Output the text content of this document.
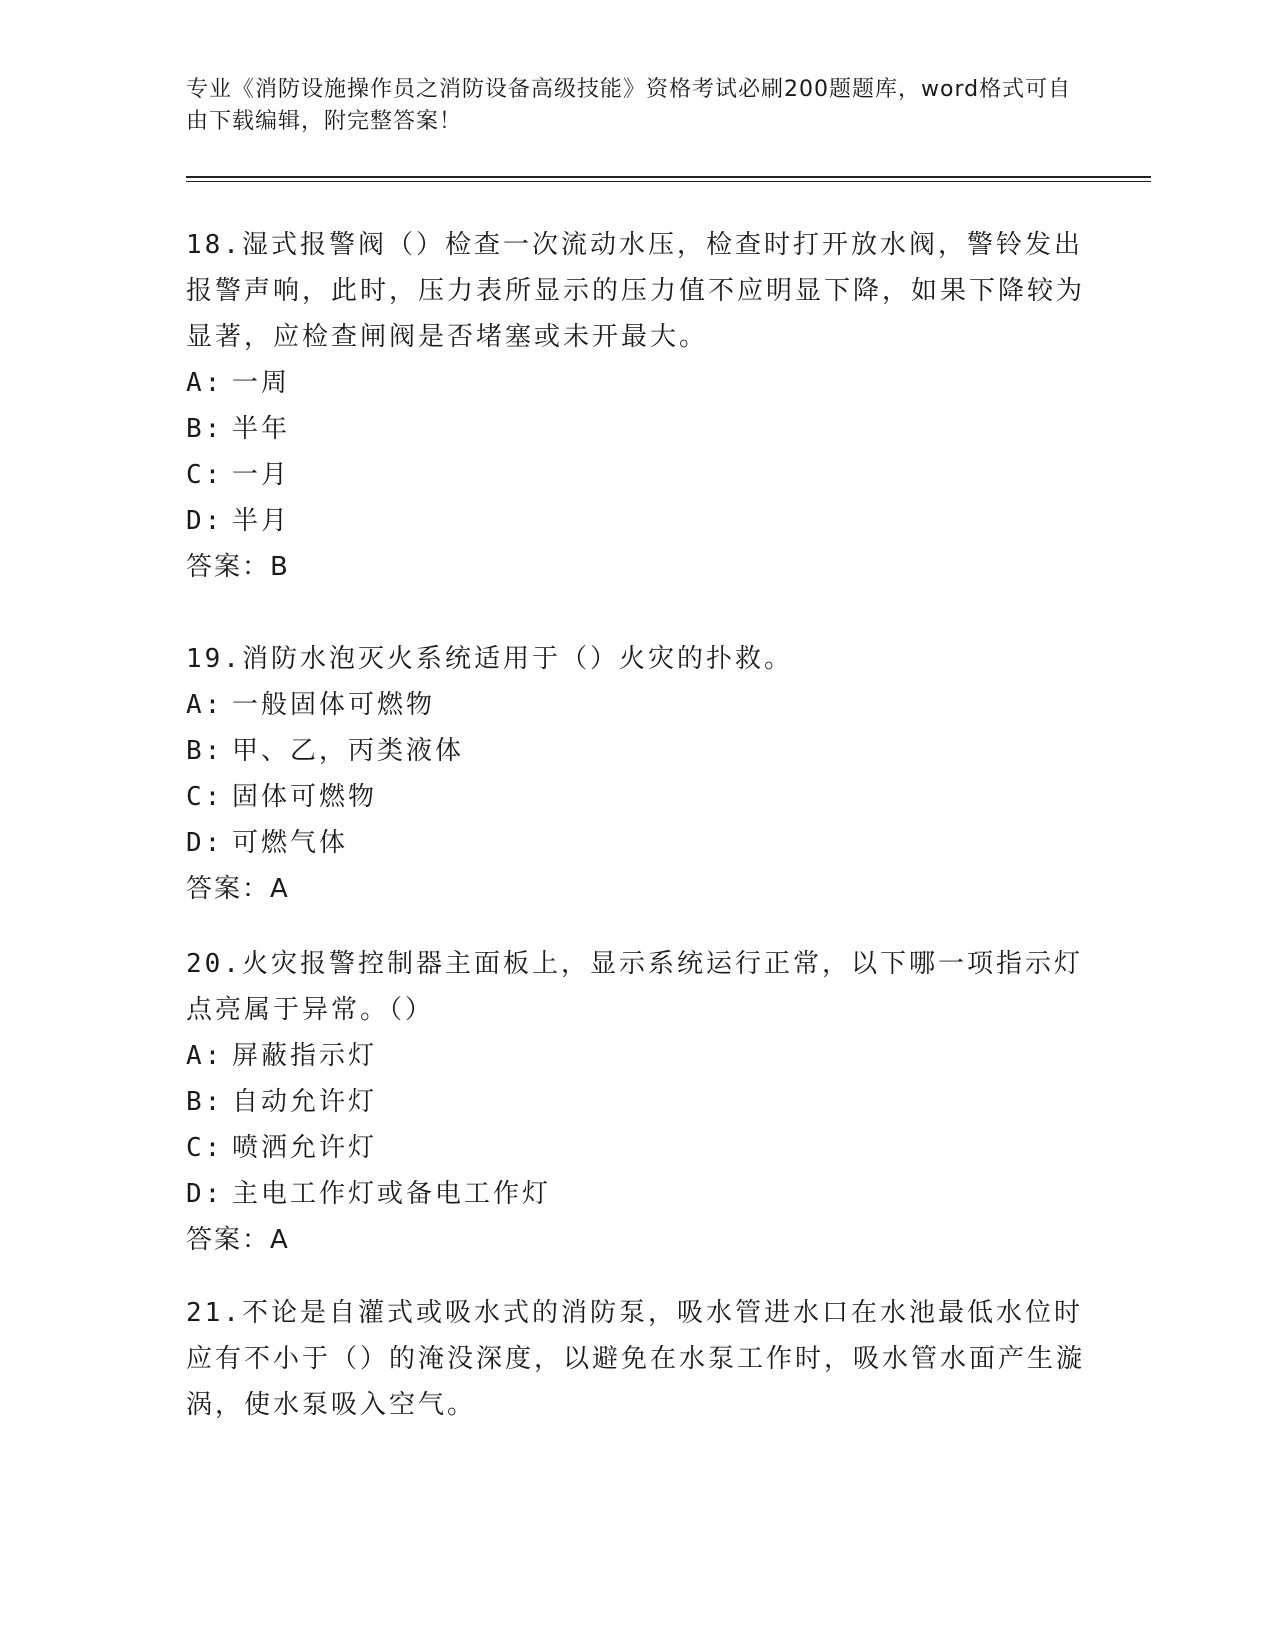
专业《消防设施操作员之消防设备高级技能》资格考试必刷200题题库，word格式可自由下载编辑，附完整答案！

18.湿式报警阀（）检查一次流动水压，检查时打开放水阀，警铃发出报警声响，此时，压力表所显示的压力值不应明显下降，如果下降较为显著，应检查闸阀是否堵塞或未开最大。

A: 一周

B: 半年

C: 一月

D: 半月

答案：B

19.消防水泡灭火系统适用于（）火灾的扑救。

A: 一般固体可燃物

B: 甲、乙，丙类液体

C: 固体可燃物

D: 可燃气体

答案：A

20.火灾报警控制器主面板上，显示系统运行正常，以下哪一项指示灯点亮属于异常。（）

A: 屏蔽指示灯

B: 自动允许灯

C: 喷洒允许灯

D: 主电工作灯或备电工作灯

答案：A

21.不论是自灌式或吸水式的消防泵，吸水管进水口在水池最低水位时应有不小于（）的淹没深度，以避免在水泵工作时，吸水管水面产生漩涡，使水泵吸入空气。
